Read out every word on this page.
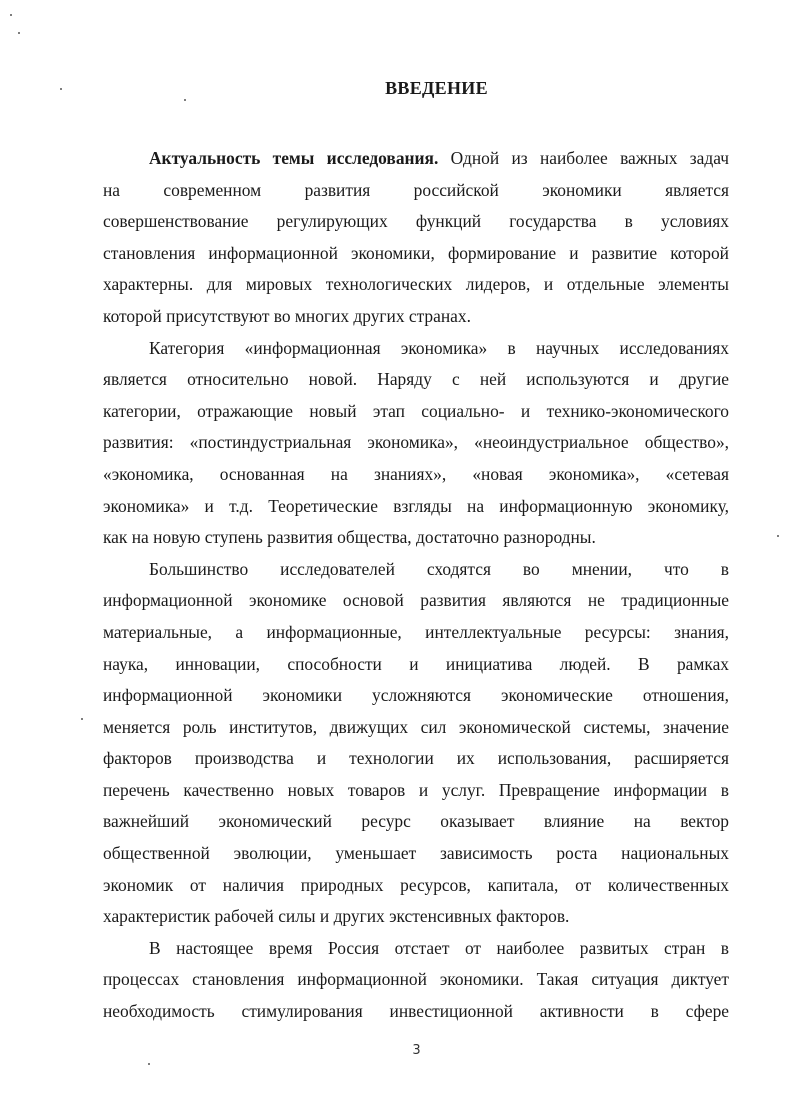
ВВЕДЕНИЕ
Актуальность темы исследования. Одной из наиболее важных задач
на современном развития российской экономики является
совершенствование регулирующих функций государства в условиях
становления информационной экономики, формирование и развитие которой
характерны. для мировых технологических лидеров, и отдельные элементы
которой присутствуют во многих других странах.
Категория «информационная экономика» в научных исследованиях
является относительно новой. Наряду с ней используются и другие
категории, отражающие новый этап социально- и технико-экономического
развития: «постиндустриальная экономика», «неоиндустриальное общество»,
«экономика, основанная на знаниях», «новая экономика», «сетевая
экономика» и т.д. Теоретические взгляды на информационную экономику,
как на новую ступень развития общества, достаточно разнородны.
Большинство исследователей сходятся во мнении, что в
информационной экономике основой развития являются не традиционные
материальные, а информационные, интеллектуальные ресурсы: знания,
наука, инновации, способности и инициатива людей. В рамках
информационной экономики усложняются экономические отношения,
меняется роль институтов, движущих сил экономической системы, значение
факторов производства и технологии их использования, расширяется
перечень качественно новых товаров и услуг. Превращение информации в
важнейший экономический ресурс оказывает влияние на вектор
общественной эволюции, уменьшает зависимость роста национальных
экономик от наличия природных ресурсов, капитала, от количественных
характеристик рабочей силы и других экстенсивных факторов.
В настоящее время Россия отстает от наиболее развитых стран в
процессах становления информационной экономики. Такая ситуация диктует
необходимость стимулирования инвестиционной активности в сфере
3
